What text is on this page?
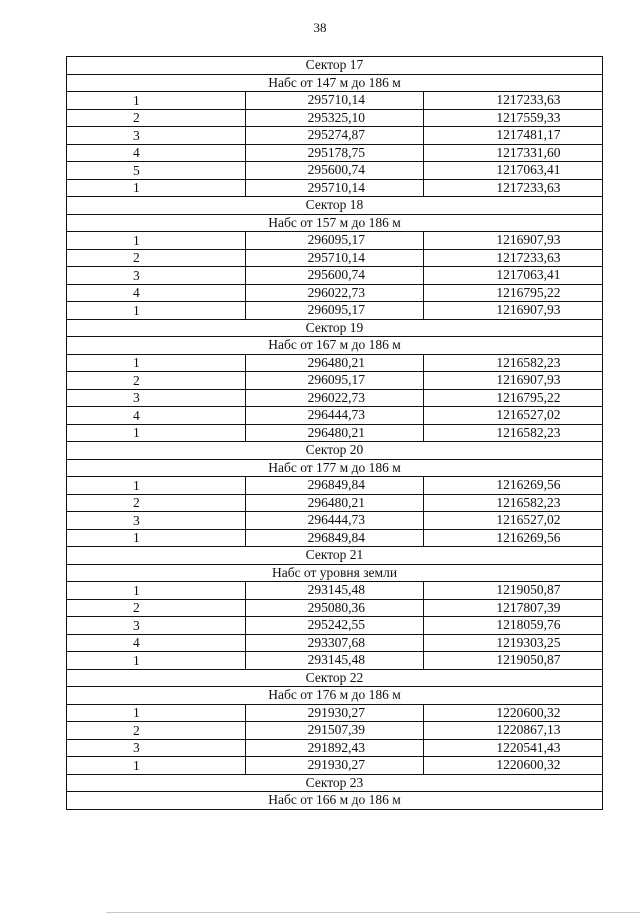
38
Сектор 17		
Набс от 147 м до 186 м		
1	295710,14	1217233,63
2	295325,10	1217559,33
3	295274,87	1217481,17
4	295178,75	1217331,60
5	295600,74	1217063,41
1	295710,14	1217233,63
Сектор 18		
Набс от 157 м до 186 м		
1	296095,17	1216907,93
2	295710,14	1217233,63
3	295600,74	1217063,41
4	296022,73	1216795,22
1	296095,17	1216907,93
Сектор 19		
Набс от 167 м до 186 м		
1	296480,21	1216582,23
2	296095,17	1216907,93
3	296022,73	1216795,22
4	296444,73	1216527,02
1	296480,21	1216582,23
Сектор 20		
Набс от 177 м до 186 м		
1	296849,84	1216269,56
2	296480,21	1216582,23
3	296444,73	1216527,02
1	296849,84	1216269,56
Сектор 21		
Набс от уровня земли		
1	293145,48	1219050,87
2	295080,36	1217807,39
3	295242,55	1218059,76
4	293307,68	1219303,25
1	293145,48	1219050,87
Сектор 22		
Набс от 176 м до 186 м		
1	291930,27	1220600,32
2	291507,39	1220867,13
3	291892,43	1220541,43
1	291930,27	1220600,32
Сектор 23		
Набс от 166 м до 186 м		
